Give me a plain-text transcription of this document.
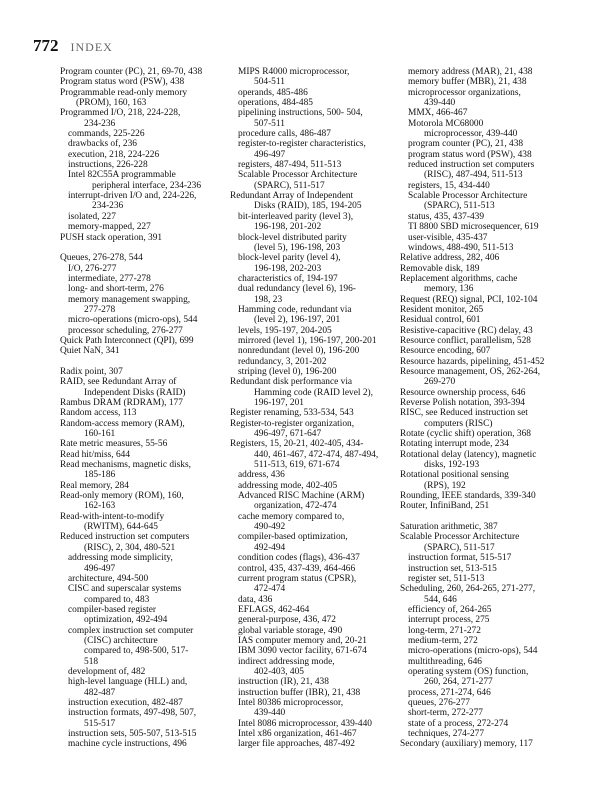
772 INDEX
Program counter (PC), 21, 69-70, 438
Program status word (PSW), 438
Programmable read-only memory
(PROM), 160, 163
Programmed I/O, 218, 224-228,
234-236
commands, 225-226
drawbacks of, 236
execution, 218, 224-226
instructions, 226-228
Intel 82C55A programmable
peripheral interface, 234-236
interrupt-driven I/O and, 224-226,
234-236
isolated, 227
memory-mapped, 227
PUSH stack operation, 391
Queues, 276-278, 544
I/O, 276-277
intermediate, 277-278
long- and short-term, 276
memory management swapping,
277-278
micro-operations (micro-ops), 544
processor scheduling, 276-277
Quick Path Interconnect (QPI), 699
Quiet NaN, 341
Radix point, 307
RAID, see Redundant Array of
Independent Disks (RAID)
Rambus DRAM (RDRAM), 177
Random access, 113
Random-access memory (RAM),
160-161
Rate metric measures, 55-56
Read hit/miss, 644
Read mechanisms, magnetic disks,
185-186
Real memory, 284
Read-only memory (ROM), 160,
162-163
Read-with-intent-to-modify
(RWITM), 644-645
Reduced instruction set computers
(RISC), 2, 304, 480-521
addressing mode simplicity,
496-497
architecture, 494-500
CISC and superscalar systems
compared to, 483
compiler-based register
optimization, 492-494
complex instruction set computer
(CISC) architecture
compared to, 498-500, 517-
518
development of, 482
high-level language (HLL) and,
482-487
instruction execution, 482-487
instruction formats, 497-498, 507,
515-517
instruction sets, 505-507, 513-515
machine cycle instructions, 496
MIPS R4000 microprocessor,
504-511
operands, 485-486
operations, 484-485
pipelining instructions, 500- 504,
507-511
procedure calls, 486-487
register-to-register characteristics,
496-497
registers, 487-494, 511-513
Scalable Processor Architecture
(SPARC), 511-517
Redundant Array of Independent
Disks (RAID), 185, 194-205
bit-interleaved parity (level 3),
196-198, 201-202
block-level distributed parity
(level 5), 196-198, 203
block-level parity (level 4),
196-198, 202-203
characteristics of, 194-197
dual redundancy (level 6), 196-
198, 23
Hamming code, redundant via
(level 2), 196-197, 201
levels, 195-197, 204-205
mirrored (level 1), 196-197, 200-201
nonredundant (level 0), 196-200
redundancy, 3, 201-202
striping (level 0), 196-200
Redundant disk performance via
Hamming code (RAID level 2),
196-197, 201
Register renaming, 533-534, 543
Register-to-register organization,
496-497, 671-647
Registers, 15, 20-21, 402-405, 434-
440, 461-467, 472-474, 487-494,
511-513, 619, 671-674
address, 436
addressing mode, 402-405
Advanced RISC Machine (ARM)
organization, 472-474
cache memory compared to,
490-492
compiler-based optimization,
492-494
condition codes (flags), 436-437
control, 435, 437-439, 464-466
current program status (CPSR),
472-474
data, 436
EFLAGS, 462-464
general-purpose, 436, 472
global variable storage, 490
IAS computer memory and, 20-21
IBM 3090 vector facility, 671-674
indirect addressing mode,
402-403, 405
instruction (IR), 21, 438
instruction buffer (IBR), 21, 438
Intel 80386 microprocessor,
439-440
Intel 8086 microprocessor, 439-440
Intel x86 organization, 461-467
larger file approaches, 487-492
memory address (MAR), 21, 438
memory buffer (MBR), 21, 438
microprocessor organizations,
439-440
MMX, 466-467
Motorola MC68000
microprocessor, 439-440
program counter (PC), 21, 438
program status word (PSW), 438
reduced instruction set computers
(RISC), 487-494, 511-513
registers, 15, 434-440
Scalable Processor Architecture
(SPARC), 511-513
status, 435, 437-439
TI 8800 SBD microsequencer, 619
user-visible, 435-437
windows, 488-490, 511-513
Relative address, 282, 406
Removable disk, 189
Replacement algorithms, cache
memory, 136
Request (REQ) signal, PCI, 102-104
Resident monitor, 265
Residual control, 601
Resistive-capacitive (RC) delay, 43
Resource conflict, parallelism, 528
Resource encoding, 607
Resource hazards, pipelining, 451-452
Resource management, OS, 262-264,
269-270
Resource ownership process, 646
Reverse Polish notation, 393-394
RISC, see Reduced instruction set
computers (RISC)
Rotate (cyclic shift) operation, 368
Rotating interrupt mode, 234
Rotational delay (latency), magnetic
disks, 192-193
Rotational positional sensing
(RPS), 192
Rounding, IEEE standards, 339-340
Router, InfiniBand, 251
Saturation arithmetic, 387
Scalable Processor Architecture
(SPARC), 511-517
instruction format, 515-517
instruction set, 513-515
register set, 511-513
Scheduling, 260, 264-265, 271-277,
544, 646
efficiency of, 264-265
interrupt process, 275
long-term, 271-272
medium-term, 272
micro-operations (micro-ops), 544
multithreading, 646
operating system (OS) function,
260, 264, 271-277
process, 271-274, 646
queues, 276-277
short-term, 272-277
state of a process, 272-274
techniques, 274-277
Secondary (auxiliary) memory, 117
